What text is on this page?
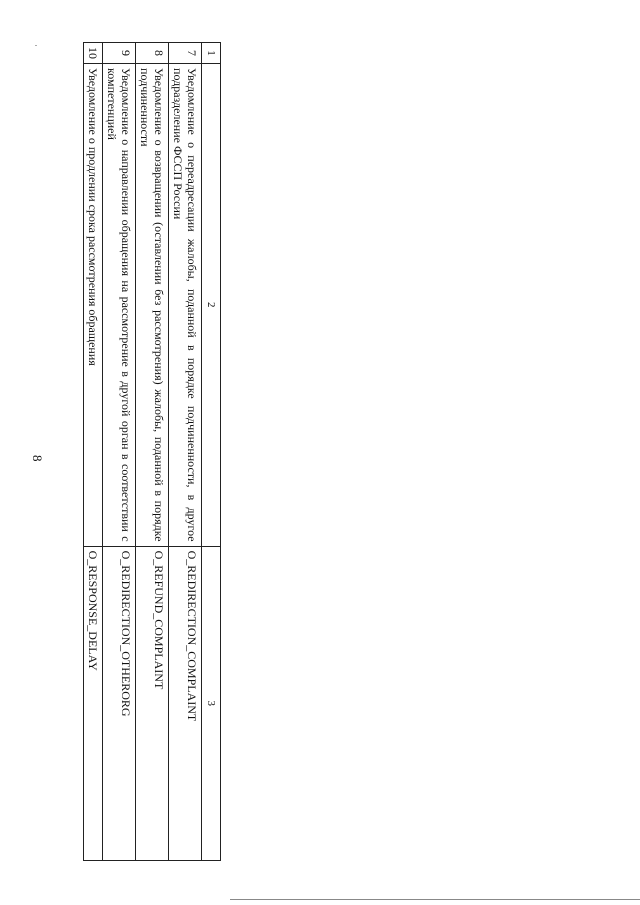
8
1	2	3
7	Уведомление о переадресации жалобы, поданной в порядке подчиненности, в другое подразделение ФССП России	O_REDIRECTION_COMPLAINT
8	Уведомление о возвращении (оставлении без рассмотрения) жалобы, поданной в порядке подчиненности	O_REFUND_COMPLAINT
9	Уведомление о направлении обращения на рассмотрение в другой орган в соответствии с компетенцией	O_REDIRECTION_OTHERORG
10	Уведомление о продлении срока рассмотрения обращения	O_RESPONSE_DELAY
